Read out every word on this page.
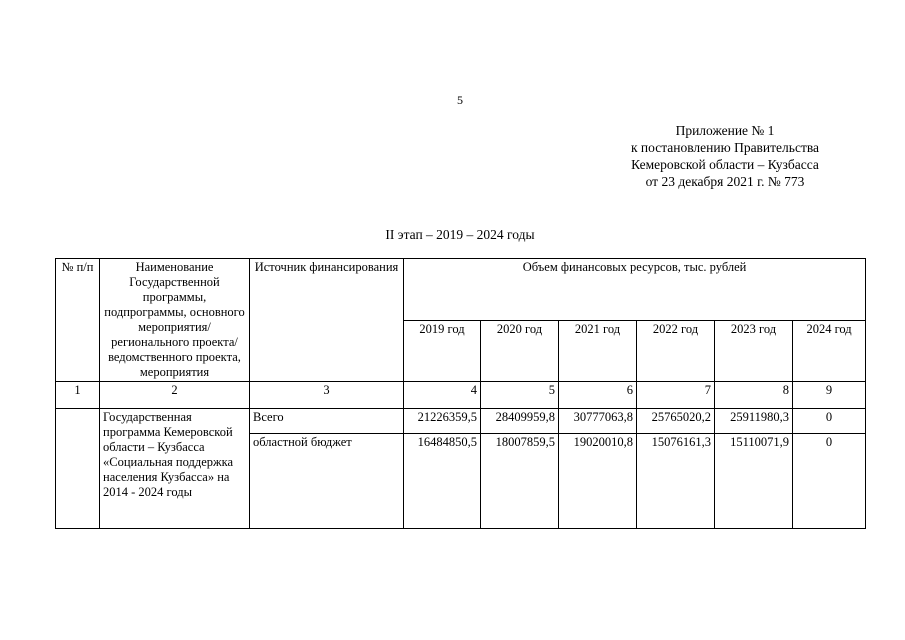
5
Приложение № 1
к постановлению Правительства
Кемеровской области – Кузбасса
от 23 декабря 2021 г. № 773
II этап – 2019 – 2024 годы
№ п/п	Наименование Государственной программы, подпрограммы, основного мероприятия/регионального проекта/ ведомственного проекта, мероприятия	Источник финансирования	Объем финансовых ресурсов, тыс. рублей					
			2019 год	2020 год	2021 год	2022 год	2023 год	2024 год
1	2	3	4	5	6	7	8	9
	Государственная программа Кемеровской области – Кузбасса «Социальная поддержка населения Кузбасса» на 2014 - 2024 годы	Всего	21226359,5	28409959,8	30777063,8	25765020,2	25911980,3	0
		областной бюджет	16484850,5	18007859,5	19020010,8	15076161,3	15110071,9	0
